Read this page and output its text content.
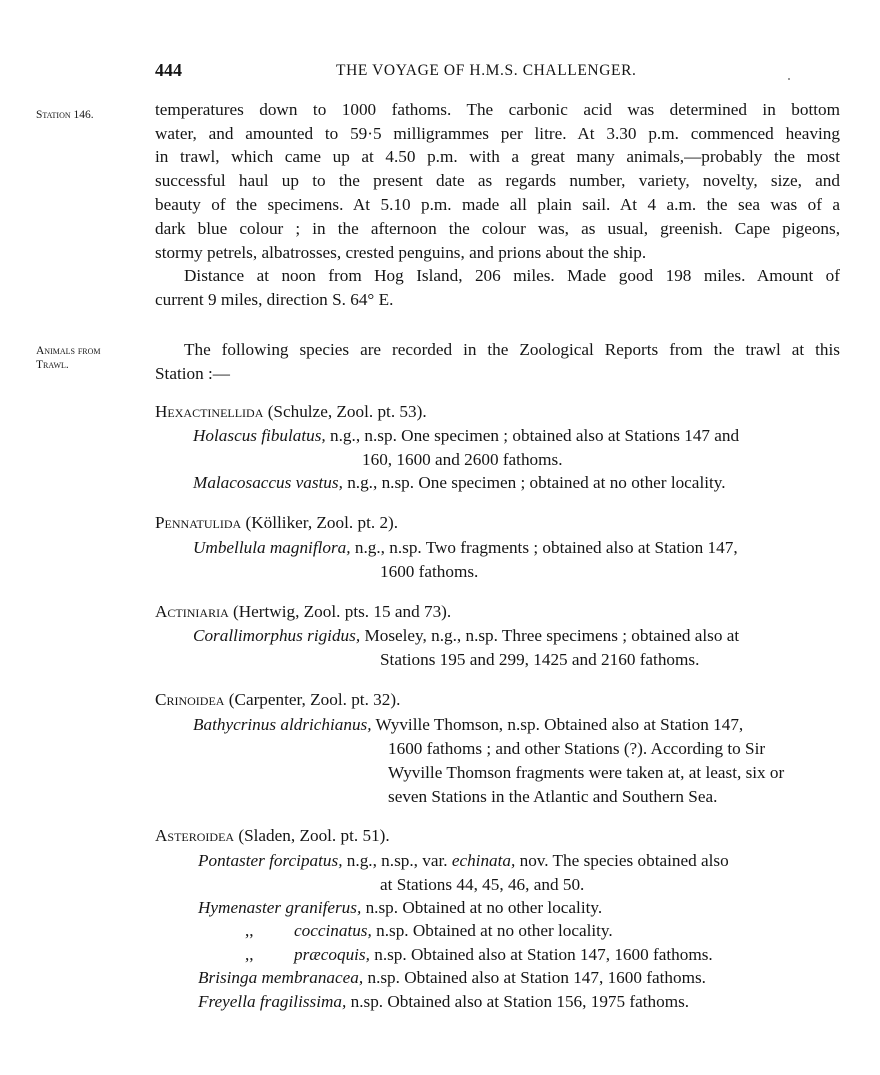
444	THE VOYAGE OF H.M.S. CHALLENGER.
Station 146.
Animals from
Trawl.
temperatures down to 1000 fathoms. The carbonic acid was determined in bottom
water, and amounted to 59·5 milligrammes per litre. At 3.30 p.m. commenced heaving
in trawl, which came up at 4.50 p.m. with a great many animals,—probably the most
successful haul up to the present date as regards number, variety, novelty, size, and
beauty of the specimens. At 5.10 p.m. made all plain sail. At 4 a.m. the sea was of a
dark blue colour ; in the afternoon the colour was, as usual, greenish. Cape pigeons,
stormy petrels, albatrosses, crested penguins, and prions about the ship.
Distance at noon from Hog Island, 206 miles. Made good 198 miles. Amount of
current 9 miles, direction S. 64° E.
The following species are recorded in the Zoological Reports from the trawl at this
Station :—
Hexactinellida (Schulze, Zool. pt. 53).
Holascus fibulatus, n.g., n.sp. One specimen ; obtained also at Stations 147 and
160, 1600 and 2600 fathoms.
Malacosaccus vastus, n.g., n.sp. One specimen ; obtained at no other locality.
Pennatulida (Kölliker, Zool. pt. 2).
Umbellula magniflora, n.g., n.sp. Two fragments ; obtained also at Station 147,
1600 fathoms.
Actiniaria (Hertwig, Zool. pts. 15 and 73).
Corallimorphus rigidus, Moseley, n.g., n.sp. Three specimens ; obtained also at
Stations 195 and 299, 1425 and 2160 fathoms.
Crinoidea (Carpenter, Zool. pt. 32).
Bathycrinus aldrichianus, Wyville Thomson, n.sp. Obtained also at Station 147,
1600 fathoms ; and other Stations (?). According to Sir
Wyville Thomson fragments were taken at, at least, six or
seven Stations in the Atlantic and Southern Sea.
Asteroidea (Sladen, Zool. pt. 51).
Pontaster forcipatus, n.g., n.sp., var. echinata, nov. The species obtained also
at Stations 44, 45, 46, and 50.
Hymenaster graniferus, n.sp. Obtained at no other locality.
,, coccinatus, n.sp. Obtained at no other locality.
,, præcoquis, n.sp. Obtained also at Station 147, 1600 fathoms.
Brisinga membranacea, n.sp. Obtained also at Station 147, 1600 fathoms.
Freyella fragilissima, n.sp. Obtained also at Station 156, 1975 fathoms.
